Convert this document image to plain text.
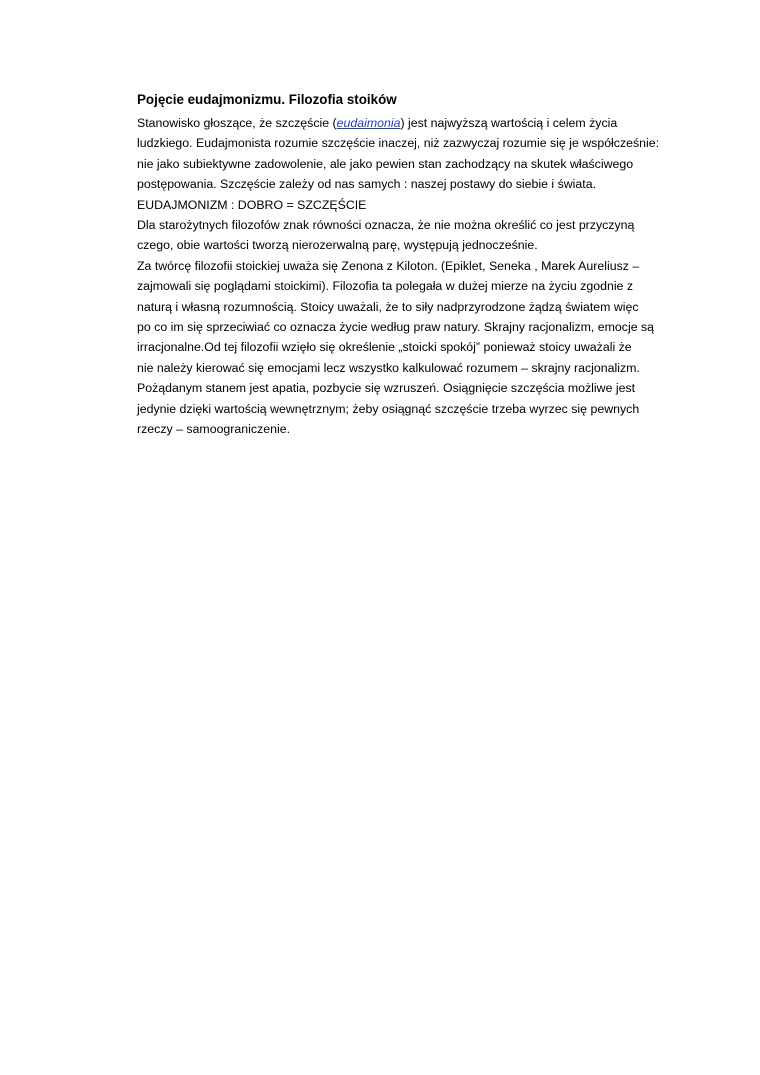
Pojęcie eudajmonizmu. Filozofia stoików
Stanowisko głoszące, że szczęście (eudaimonia) jest najwyższą wartością i celem życia
ludzkiego. Eudajmonista rozumie szczęście inaczej, niż zazwyczaj rozumie się je współcześnie:
nie jako subiektywne zadowolenie, ale jako pewien stan zachodzący na skutek właściwego
postępowania. Szczęście zależy od nas samych : naszej postawy do siebie i świata.
EUDAJMONIZM : DOBRO = SZCZĘŚCIE
Dla starożytnych filozofów znak równości oznacza, że nie można określić co jest przyczyną
czego, obie wartości tworzą nierozerwalną parę, występują jednocześnie.
Za twórcę filozofii stoickiej uważa się Zenona z Kiloton. (Epiklet, Seneka , Marek Aureliusz –
zajmowali się poglądami stoickimi). Filozofia ta polegała w dużej mierze na życiu zgodnie z
naturą i własną rozumnością. Stoicy uważali, że to siły nadprzyrodzone żądzą światem więc
po co im się sprzeciwiać co oznacza życie według praw natury. Skrajny racjonalizm, emocje są
irracjonalne.Od tej filozofii wzięło się określenie „stoicki spokój” ponieważ stoicy uważali że
nie należy kierować się emocjami lecz wszystko kalkulować rozumem – skrajny racjonalizm.
Pożądanym stanem jest apatia, pozbycie się wzruszeń. Osiągnięcie szczęścia możliwe jest
jedynie dzięki wartością wewnętrznym; żeby osiągnąć szczęście trzeba wyrzec się pewnych
rzeczy – samoograniczenie.
